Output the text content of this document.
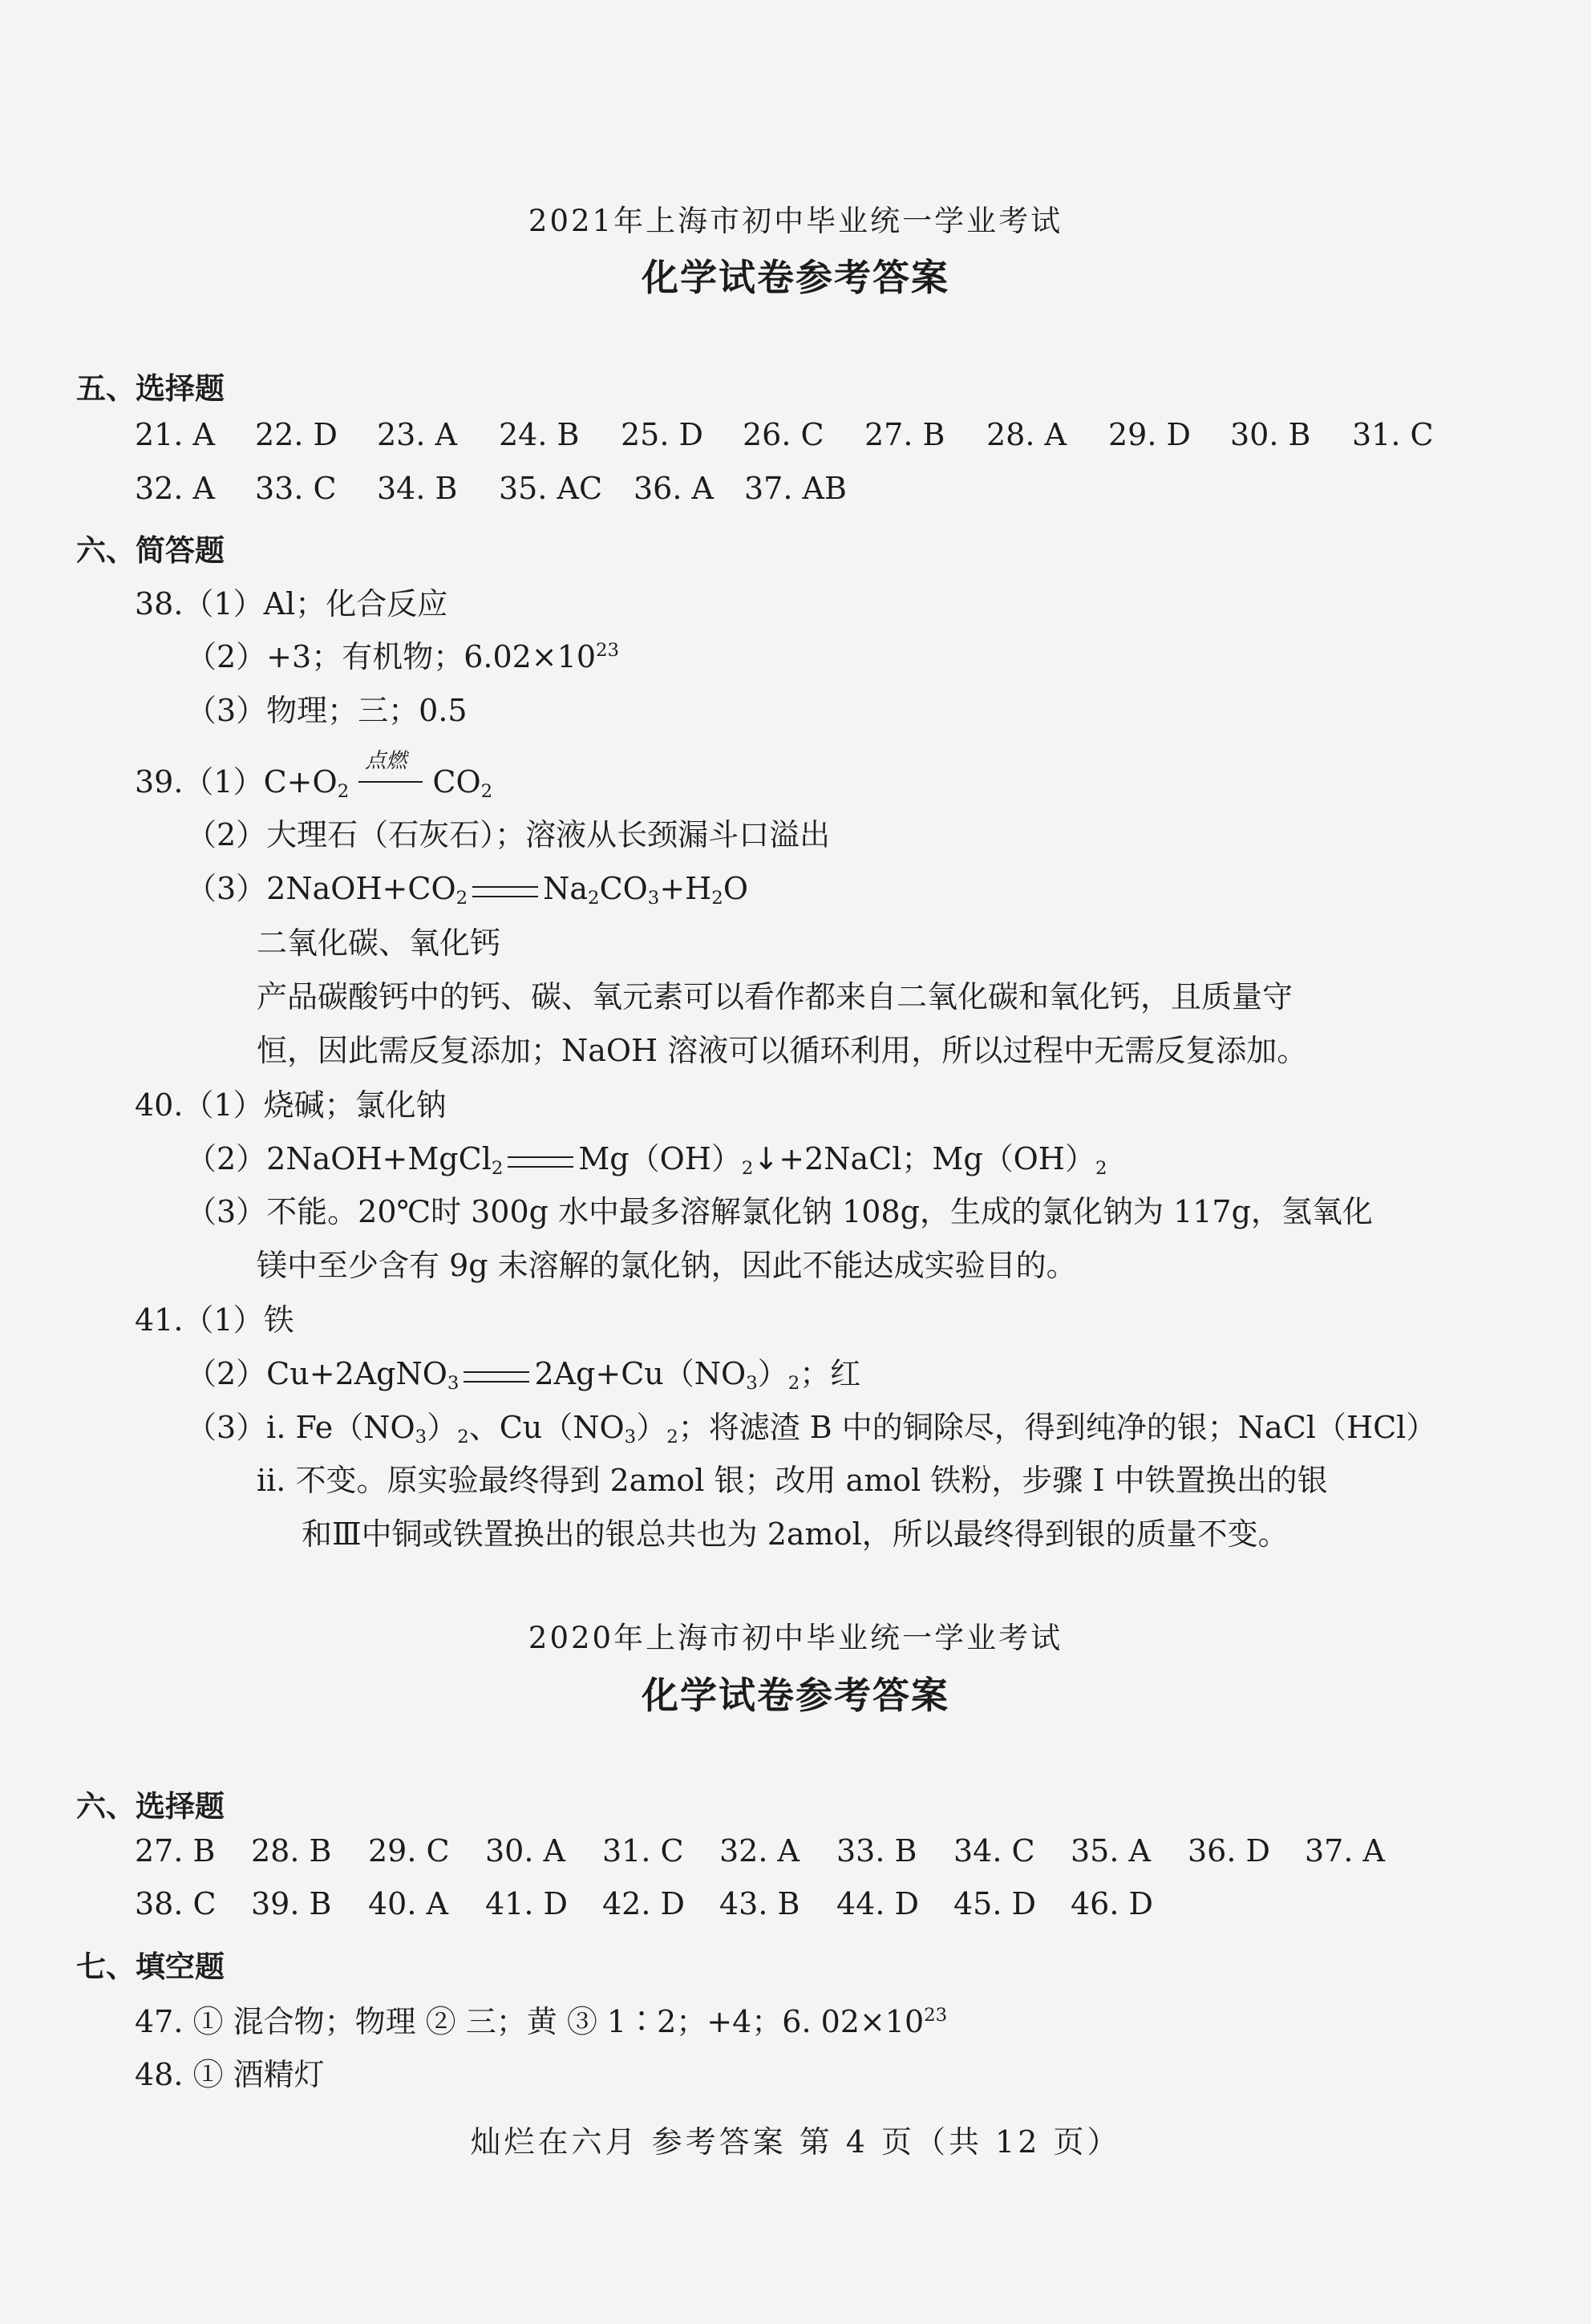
2021年上海市初中毕业统一学业考试
化学试卷参考答案
五、选择题
21. A	22. D	23. A	24. B	25. D	26. C	27. B	28. A	29. D	30. B	31. C
32. A	33. C	34. B	35. AC	36. A	37. AB
六、简答题
38.（1）Al；化合反应
（2）+3；有机物；$6.02\times 10^{23}$
（3）物理；三；0.5
$39.(1)C+O_2$
点燃
$CO_2$
（2）大理石（石灰石）；溶液从长颈漏斗口溢出
$(3)2NaOH+CO_2$ $Na_2CO_3+H_2O$
二氧化碳、氧化钙
产品碳酸钙中的钙、碳、氧元素可以看作都来自二氧化碳和氧化钙，且质量守
恒，因此需反复添加；NaOH 溶液可以循环利用，所以过程中无需反复添加。
40.（1）烧碱；氯化钠
（2）2NaOH+MgCl$_2$ $Mg(OH)_2↓+2NaCl$；$Mg(OH)_2$
（3）不能。20℃时 300g 水中最多溶解氯化钠 108g，生成的氯化钠为 117g，氢氧化
镁中至少含有 9g 未溶解的氯化钠，因此不能达成实验目的。
41.（1）铁
（2）Cu+2AgNO$_3$ $2Ag+Cu(NO_3)_2$；红
（3）i. $Fe(NO_3)_2$、$Cu(NO_3)_2$；将滤渣 B 中的铜除尽，得到纯净的银；NaCl（HCl）
ii. 不变。原实验最终得到 2amol 银；改用 amol 铁粉，步骤 Ⅰ 中铁置换出的银
和Ⅲ中铜或铁置换出的银总共也为 2amol，所以最终得到银的质量不变。
2020年上海市初中毕业统一学业考试
化学试卷参考答案
六、选择题
27. B	28. B	29. C	30. A	31. C	32. A	33. B	34. C	35. A	36. D	37. A
38. C	39. B	40. A	41. D	42. D	43. B	44. D	45. D	46. D
七、填空题
47. ① 混合物；物理 ② 三；黄 ③ 1∶2；+4；6. $02\times 10^{23}$
48. ① 酒精灯
灿烂在六月 参考答案 第 4 页（共 12 页）
